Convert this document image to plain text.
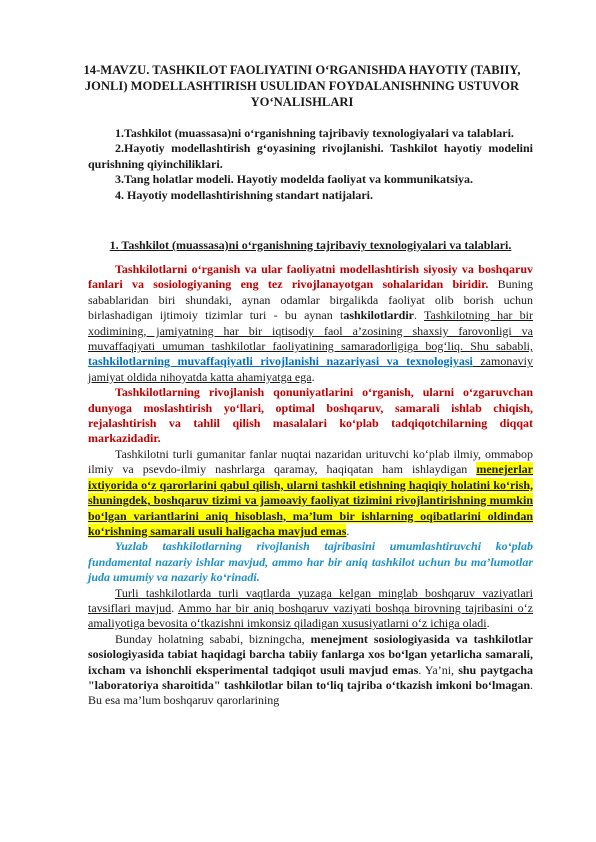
14-MAVZU. TASHKILOT FAOLIYATINI O‘RGANISHDA HAYOTIY (TABIIY, JONLI) MODELLASHTIRISH USULIDAN FOYDALANISHNING USTUVOR YO‘NALISHLARI

1.Tashkilot (muassasa)ni o‘rganishning tajribaviy texnologiyalari va talablari.

2.Hayotiy modellashtirish g‘oyasining rivojlanishi. Tashkilot hayotiy modelini qurishning qiyinchiliklari.

3.Tang holatlar modeli. Hayotiy modelda faoliyat va kommunikatsiya.

4. Hayotiy modellashtirishning standart natijalari.

1. Tashkilot (muassasa)ni o‘rganishning tajribaviy texnologiyalari va talablari.

Tashkilotlarni o‘rganish va ular faoliyatni modellashtirish siyosiy va boshqaruv fanlari va sosiologiyaning eng tez rivojlanayotgan sohalaridan biridir. Buning sabablaridan biri shundaki, aynan odamlar birgalikda faoliyat olib borish uchun birlashadigan ijtimoiy tizimlar turi - bu aynan tashkilotlardir. Tashkilotning har bir xodimining, jamiyatning har bir iqtisodiy faol a’zosining shaxsiy farovonligi va muvaffaqiyati umuman tashkilotlar faoliyatining samaradorligiga bog‘liq. Shu sababli, tashkilotlarning muvaffaqiyatli rivojlanishi nazariyasi va texnologiyasi zamonaviy jamiyat oldida nihoyatda katta ahamiyatga ega.

Tashkilotlarning rivojlanish qonuniyatlarini o‘rganish, ularni o‘zgaruvchan dunyoga moslashtirish yo‘llari, optimal boshqaruv, samarali ishlab chiqish, rejalashtirish va tahlil qilish masalalari ko‘plab tadqiqotchilarning diqqat markazidadir.

Tashkilotni turli gumanitar fanlar nuqtai nazaridan urituvchi ko‘plab ilmiy, ommabop ilmiy va psevdo-ilmiy nashrlarga qaramay, haqiqatan ham ishlaydigan menejerlar ixtiyorida o‘z qarorlarini qabul qilish, ularni tashkil etishning haqiqiy holatini ko‘rish, shuningdek, boshqaruv tizimi va jamoaviy faoliyat tizimini rivojlantirishning mumkin bo‘lgan variantlarini aniq hisoblash, ma’lum bir ishlarning oqibatlarini oldindan ko‘rishning samarali usuli haligacha mavjud emas.

Yuzlab tashkilotlarning rivojlanish tajribasini umumlashtiruvchi ko‘plab fundamental nazariy ishlar mavjud, ammo har bir aniq tashkilot uchun bu ma’lumotlar juda umumiy va nazariy ko‘rinadi.

Turli tashkilotlarda turli vaqtlarda yuzaga kelgan minglab boshqaruv vaziyatlari tavsiflari mavjud. Ammo har bir aniq boshqaruv vaziyati boshqa birovning tajribasini o‘z amaliyotiga bevosita o‘tkazishni imkonsiz qiladigan xususiyatlarni o‘z ichiga oladi.

Bunday holatning sababi, bizningcha, menejment sosiologiyasida va tashkilotlar sosiologiyasida tabiat haqidagi barcha tabiiy fanlarga xos bo‘lgan yetarlicha samarali, ixcham va ishonchli eksperimental tadqiqot usuli mavjud emas. Ya’ni, shu paytgacha "laboratoriya sharoitida" tashkilotlar bilan to‘liq tajriba o‘tkazish imkoni bo‘lmagan. Bu esa ma’lum boshqaruv qarorlarining
